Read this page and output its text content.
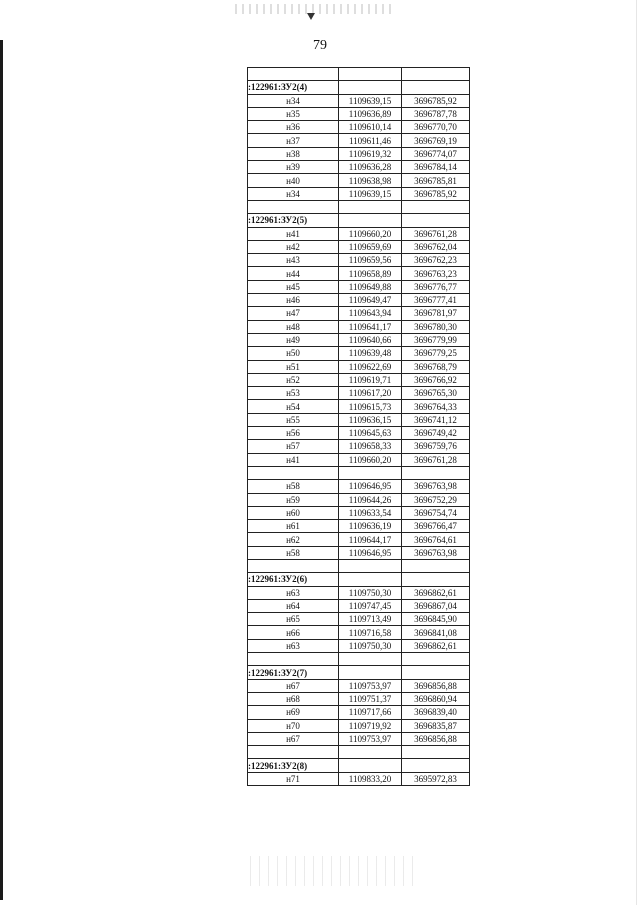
79

:122961:ЗУ2(4)		
н34	1109639,15	3696785,92
н35	1109636,89	3696787,78
н36	1109610,14	3696770,70
н37	1109611,46	3696769,19
н38	1109619,32	3696774,07
н39	1109636,28	3696784,14
н40	1109638,98	3696785,81
н34	1109639,15	3696785,92

:122961:ЗУ2(5)		
н41	1109660,20	3696761,28
н42	1109659,69	3696762,04
н43	1109659,56	3696762,23
н44	1109658,89	3696763,23
н45	1109649,88	3696776,77
н46	1109649,47	3696777,41
н47	1109643,94	3696781,97
н48	1109641,17	3696780,30
н49	1109640,66	3696779,99
н50	1109639,48	3696779,25
н51	1109622,69	3696768,79
н52	1109619,71	3696766,92
н53	1109617,20	3696765,30
н54	1109615,73	3696764,33
н55	1109636,15	3696741,12
н56	1109645,63	3696749,42
н57	1109658,33	3696759,76
н41	1109660,20	3696761,28

н58	1109646,95	3696763,98
н59	1109644,26	3696752,29
н60	1109633,54	3696754,74
н61	1109636,19	3696766,47
н62	1109644,17	3696764,61
н58	1109646,95	3696763,98

:122961:ЗУ2(6)		
н63	1109750,30	3696862,61
н64	1109747,45	3696867,04
н65	1109713,49	3696845,90
н66	1109716,58	3696841,08
н63	1109750,30	3696862,61

:122961:ЗУ2(7)		
н67	1109753,97	3696856,88
н68	1109751,37	3696860,94
н69	1109717,66	3696839,40
н70	1109719,92	3696835,87
н67	1109753,97	3696856,88

:122961:ЗУ2(8)		
н71	1109833,20	3695972,83
